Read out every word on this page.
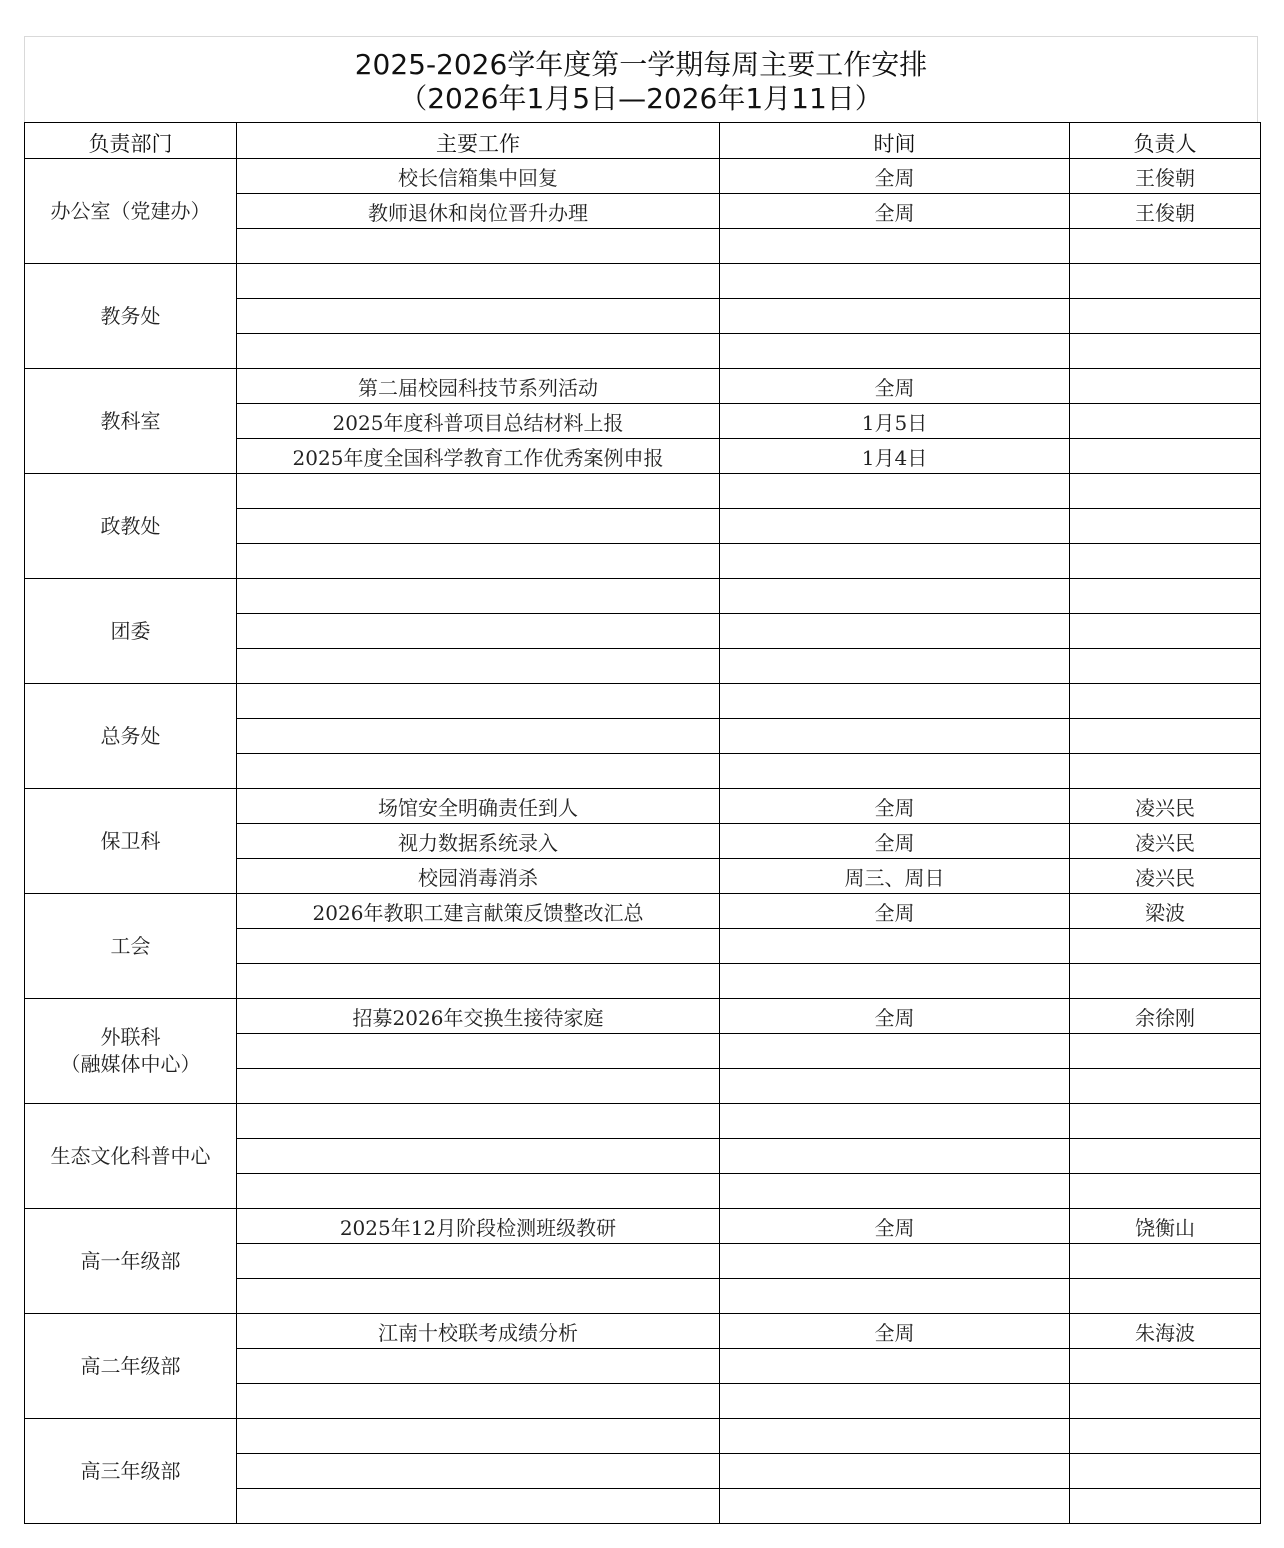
2025-2026学年度第一学期每周主要工作安排
（2026年1月5日—2026年1月11日）
负责部门	主要工作	时间	负责人

办公室（党建办）	校长信箱集中回复	全周	王俊朝
	教师退休和岗位晋升办理	全周	王俊朝

教务处			

教科室	第二届校园科技节系列活动	全周	
	2025年度科普项目总结材料上报	1月5日	
	2025年度全国科学教育工作优秀案例申报	1月4日	

政教处			

团委			

总务处			

保卫科	场馆安全明确责任到人	全周	凌兴民
	视力数据系统录入	全周	凌兴民
	校园消毒消杀	周三、周日	凌兴民

工会	2026年教职工建言献策反馈整改汇总	全周	梁波

外联科
（融媒体中心）	招募2026年交换生接待家庭	全周	余徐刚

生态文化科普中心			

高一年级部	2025年12月阶段检测班级教研	全周	饶衡山

高二年级部	江南十校联考成绩分析	全周	朱海波

高三年级部			
